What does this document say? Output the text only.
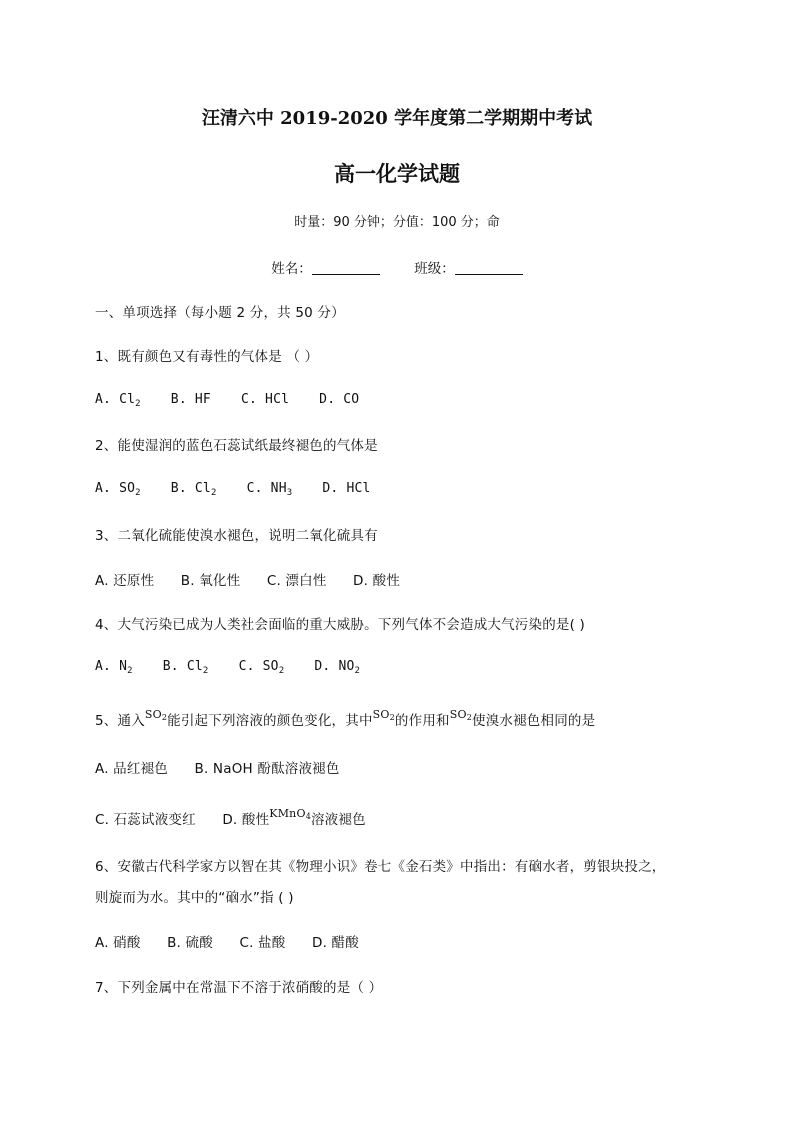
汪清六中 2019-2020 学年度第二学期期中考试
高一化学试题
时量：90 分钟；分值：100 分；命
姓名：	班级：
一、单项选择（每小题 2 分，共 50 分）
1、既有颜色又有毒性的气体是 （ ）
A. $Cl_2$ B. HF C. HCl D. CO
2、能使湿润的蓝色石蕊试纸最终褪色的气体是
A. $SO_2$ B. $Cl_2$ C. $NH_3$ D. HCl
3、二氧化硫能使溴水褪色，说明二氧化硫具有
A. 还原性 B. 氧化性 C. 漂白性 D. 酸性
4、大气污染已成为人类社会面临的重大威胁。下列气体不会造成大气污染的是( )
A. $N_2$ B. $Cl_2$ C. $SO_2$ D. $NO_2$
5、通入$^{SO_2}$能引起下列溶液的颜色变化，其中$^{SO_2}$的作用和$^{SO_2}$使溴水褪色相同的是
A. 品红褪色 B. NaOH 酚酞溶液褪色
C. 石蕊试液变红 D. 酸性$^{KMnO_4}$溶液褪色
6、安徽古代科学家方以智在其《物理小识》卷七《金石类》中指出：有硇水者，剪银块投之，
则旋而为水。其中的“硇水”指 ( )
A. 硝酸 B. 硫酸 C. 盐酸 D. 醋酸
7、下列金属中在常温下不溶于浓硝酸的是（ ）
